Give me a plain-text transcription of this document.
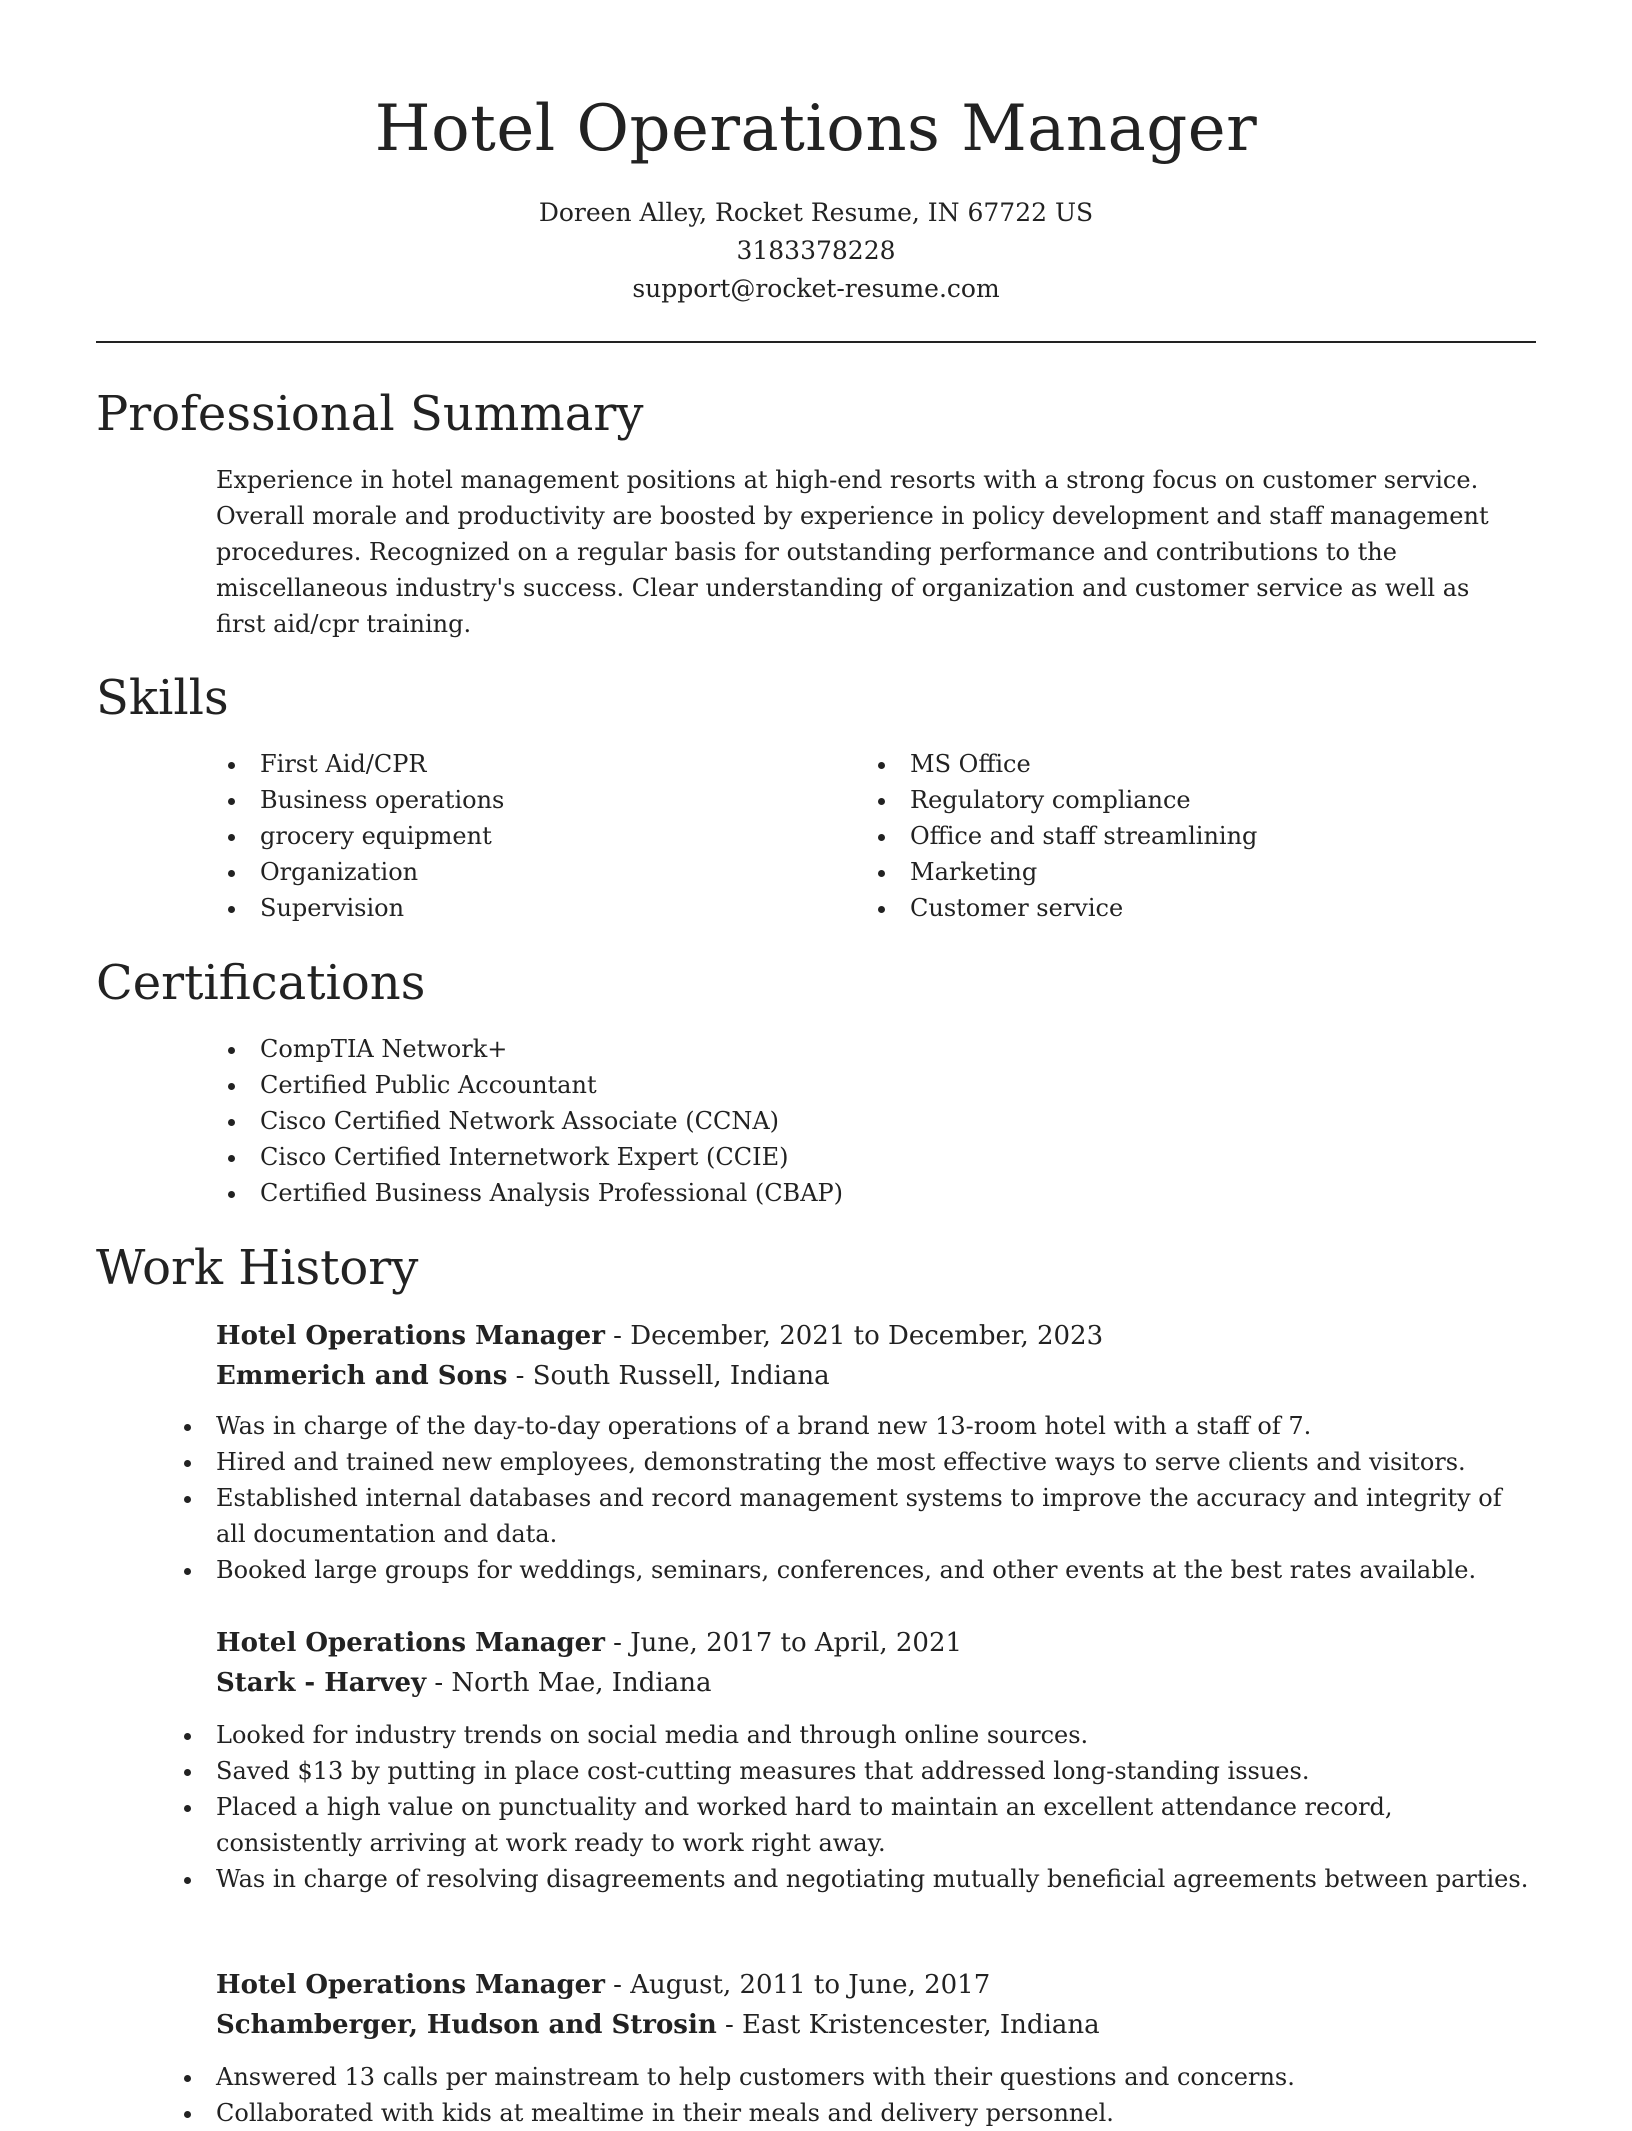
Hotel Operations Manager
Doreen Alley, Rocket Resume, IN 67722 US
3183378228
support@rocket-resume.com
Professional Summary

Experience in hotel management positions at high-end resorts with a strong focus on customer service. Overall morale and productivity are boosted by experience in policy development and staff management procedures. Recognized on a regular basis for outstanding performance and contributions to the miscellaneous industry's success. Clear understanding of organization and customer service as well as first aid/cpr training.

Skills
First Aid/CPR
Business operations
grocery equipment
Organization
Supervision
MS Office
Regulatory compliance
Office and staff streamlining
Marketing
Customer service
Certifications
CompTIA Network+
Certified Public Accountant
Cisco Certified Network Associate (CCNA)
Cisco Certified Internetwork Expert (CCIE)
Certified Business Analysis Professional (CBAP)
Work History
Hotel Operations Manager - December, 2021 to December, 2023
Emmerich and Sons - South Russell, Indiana
Was in charge of the day-to-day operations of a brand new 13-room hotel with a staff of 7.
Hired and trained new employees, demonstrating the most effective ways to serve clients and visitors.
Established internal databases and record management systems to improve the accuracy and integrity of all documentation and data.
Booked large groups for weddings, seminars, conferences, and other events at the best rates available.
Hotel Operations Manager - June, 2017 to April, 2021
Stark - Harvey - North Mae, Indiana
Looked for industry trends on social media and through online sources.
Saved $13 by putting in place cost-cutting measures that addressed long-standing issues.
Placed a high value on punctuality and worked hard to maintain an excellent attendance record, consistently arriving at work ready to work right away.
Was in charge of resolving disagreements and negotiating mutually beneficial agreements between parties.
Hotel Operations Manager - August, 2011 to June, 2017
Schamberger, Hudson and Strosin - East Kristencester, Indiana
Answered 13 calls per mainstream to help customers with their questions and concerns.
Collaborated with kids at mealtime in their meals and delivery personnel.
